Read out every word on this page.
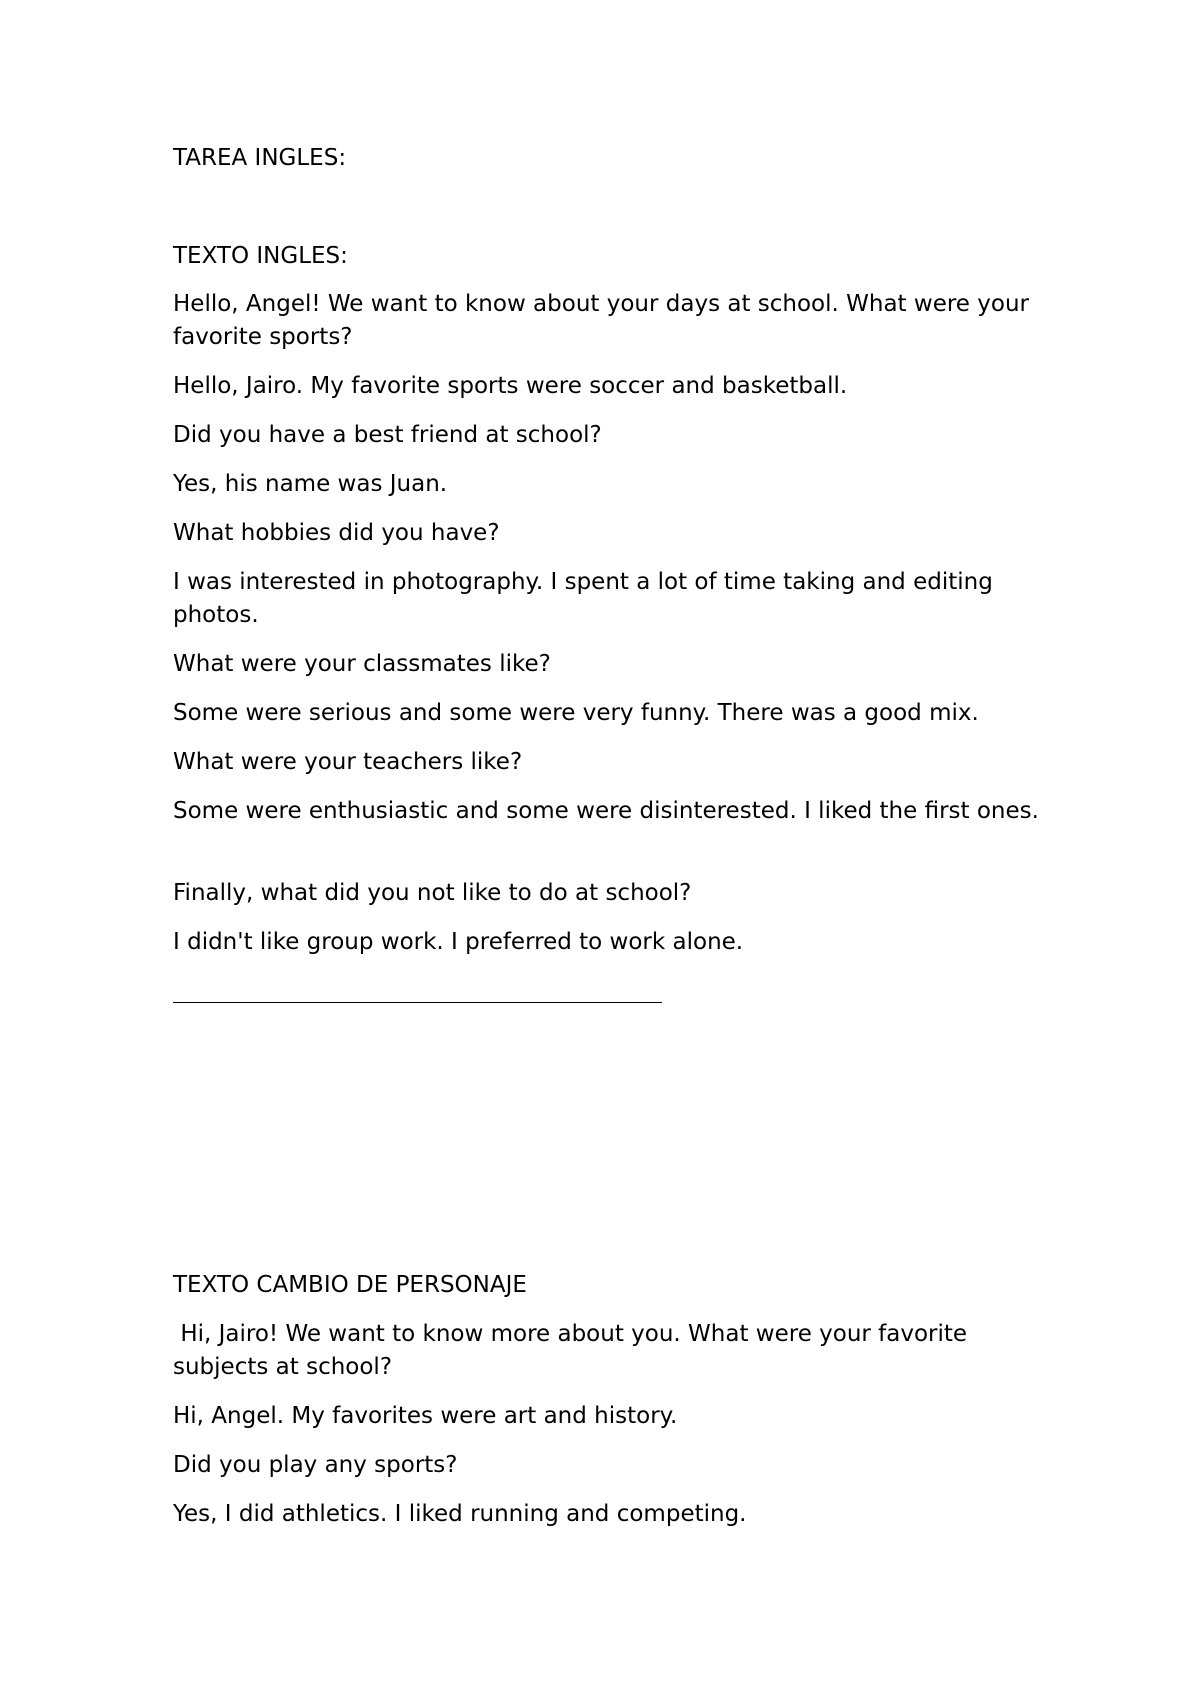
TAREA INGLES:
TEXTO INGLES:
Hello, Angel! We want to know about your days at school. What were your favorite sports?
Hello, Jairo. My favorite sports were soccer and basketball.
Did you have a best friend at school?
Yes, his name was Juan.
What hobbies did you have?
I was interested in photography. I spent a lot of time taking and editing photos.
What were your classmates like?
Some were serious and some were very funny. There was a good mix.
What were your teachers like?
Some were enthusiastic and some were disinterested. I liked the first ones.
Finally, what did you not like to do at school?
I didn't like group work. I preferred to work alone.
TEXTO CAMBIO DE PERSONAJE
Hi, Jairo! We want to know more about you. What were your favorite subjects at school?
Hi, Angel. My favorites were art and history.
Did you play any sports?
Yes, I did athletics. I liked running and competing.
